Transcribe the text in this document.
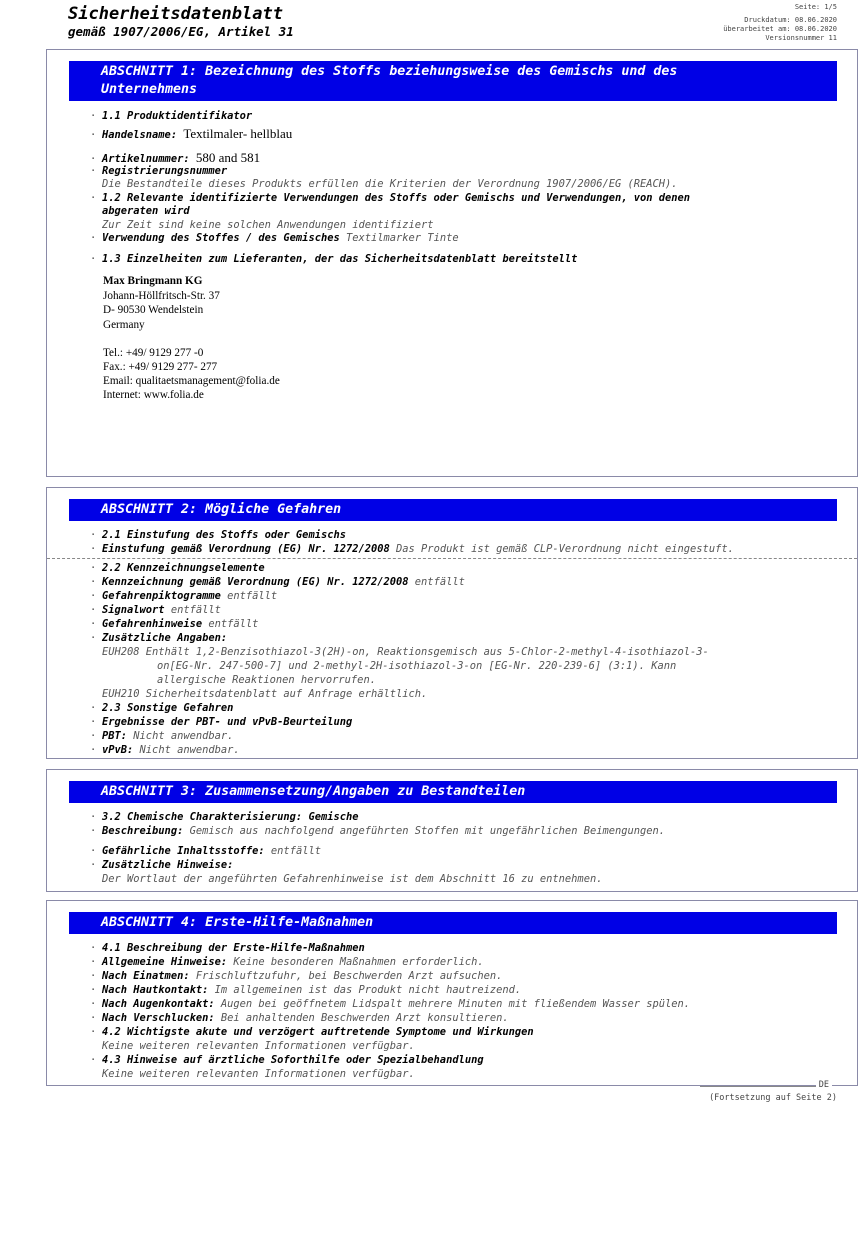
Sicherheitsdatenblatt
gemäß 1907/2006/EG, Artikel 31
Seite: 1/5
Druckdatum: 08.06.2020
überarbeitet am: 08.06.2020
Versionsnummer 11
ABSCHNITT 1: Bezeichnung des Stoffs beziehungsweise des Gemischs und des
Unternehmens
· 1.1 Produktidentifikator
· Handelsname: Textilmaler- hellblau
· Artikelnummer: 580 and 581
· Registrierungsnummer
Die Bestandteile dieses Produkts erfüllen die Kriterien der Verordnung 1907/2006/EG (REACH).
· 1.2 Relevante identifizierte Verwendungen des Stoffs oder Gemischs und Verwendungen, von denen
abgeraten wird
Zur Zeit sind keine solchen Anwendungen identifiziert
· Verwendung des Stoffes / des Gemisches Textilmarker Tinte
· 1.3 Einzelheiten zum Lieferanten, der das Sicherheitsdatenblatt bereitstellt
Max Bringmann KG
Johann-Höllfritsch-Str. 37
D- 90530 Wendelstein
Germany
Tel.: +49/ 9129 277 -0
Fax.: +49/ 9129 277- 277
Email: qualitaetsmanagement@folia.de
Internet: www.folia.de
ABSCHNITT 2: Mögliche Gefahren
· 2.1 Einstufung des Stoffs oder Gemischs
· Einstufung gemäß Verordnung (EG) Nr. 1272/2008 Das Produkt ist gemäß CLP-Verordnung nicht eingestuft.
· 2.2 Kennzeichnungselemente
· Kennzeichnung gemäß Verordnung (EG) Nr. 1272/2008 entfällt
· Gefahrenpiktogramme entfällt
· Signalwort entfällt
· Gefahrenhinweise entfällt
· Zusätzliche Angaben:
EUH208 Enthält 1,2-Benzisothiazol-3(2H)-on, Reaktionsgemisch aus 5-Chlor-2-methyl-4-isothiazol-3-
on[EG-Nr. 247-500-7] und 2-methyl-2H-isothiazol-3-on [EG-Nr. 220-239-6] (3:1). Kann
allergische Reaktionen hervorrufen.
EUH210 Sicherheitsdatenblatt auf Anfrage erhältlich.
· 2.3 Sonstige Gefahren
· Ergebnisse der PBT- und vPvB-Beurteilung
· PBT: Nicht anwendbar.
· vPvB: Nicht anwendbar.
ABSCHNITT 3: Zusammensetzung/Angaben zu Bestandteilen
· 3.2 Chemische Charakterisierung: Gemische
· Beschreibung: Gemisch aus nachfolgend angeführten Stoffen mit ungefährlichen Beimengungen.
· Gefährliche Inhaltsstoffe: entfällt
· Zusätzliche Hinweise:
Der Wortlaut der angeführten Gefahrenhinweise ist dem Abschnitt 16 zu entnehmen.
ABSCHNITT 4: Erste-Hilfe-Maßnahmen
· 4.1 Beschreibung der Erste-Hilfe-Maßnahmen
· Allgemeine Hinweise: Keine besonderen Maßnahmen erforderlich.
· Nach Einatmen: Frischluftzufuhr, bei Beschwerden Arzt aufsuchen.
· Nach Hautkontakt: Im allgemeinen ist das Produkt nicht hautreizend.
· Nach Augenkontakt: Augen bei geöffnetem Lidspalt mehrere Minuten mit fließendem Wasser spülen.
· Nach Verschlucken: Bei anhaltenden Beschwerden Arzt konsultieren.
· 4.2 Wichtigste akute und verzögert auftretende Symptome und Wirkungen
Keine weiteren relevanten Informationen verfügbar.
· 4.3 Hinweise auf ärztliche Soforthilfe oder Spezialbehandlung
Keine weiteren relevanten Informationen verfügbar.
DE
(Fortsetzung auf Seite 2)
